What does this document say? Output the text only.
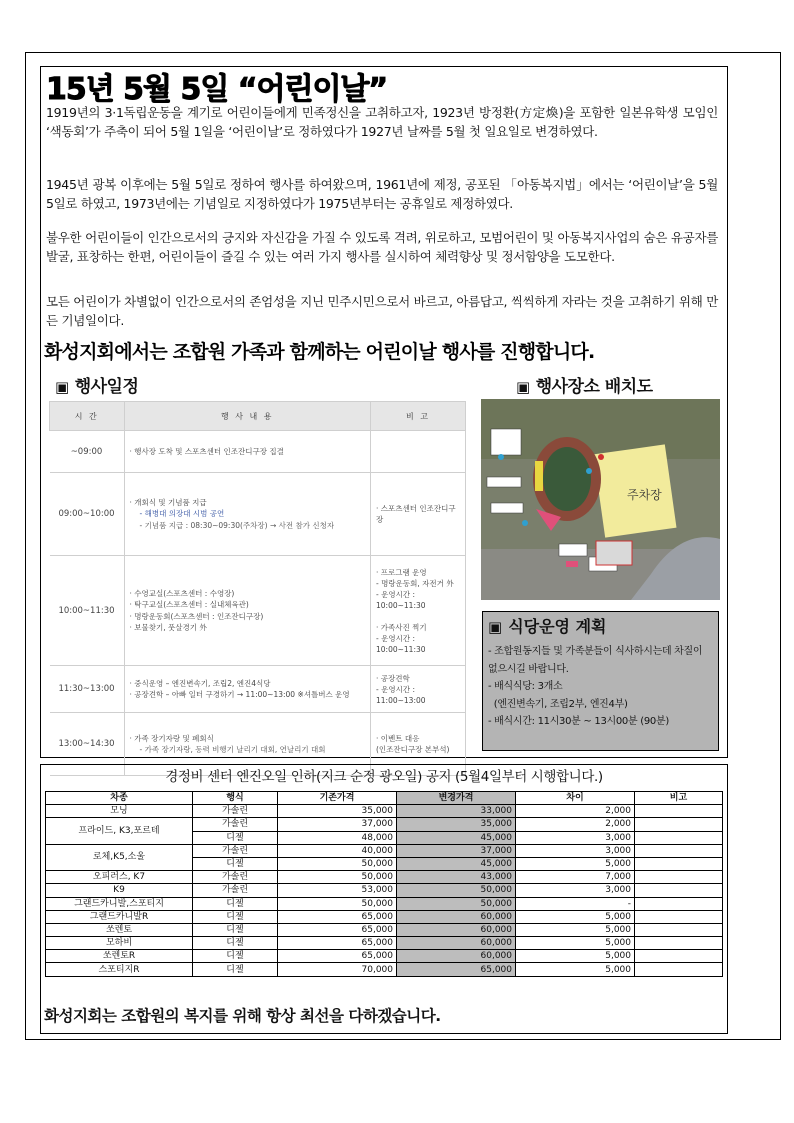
15년 5월 5일 “어린이날”
1919년의 3·1독립운동을 계기로 어린이들에게 민족정신을 고취하고자, 1923년 방정환(方定煥)을 포함한 일본유학생 모임인 ‘색동회’가 주축이 되어 5월 1일을 ‘어린이날’로 정하였다가 1927년 날짜를 5월 첫 일요일로 변경하였다.
1945년 광복 이후에는 5월 5일로 정하여 행사를 하여왔으며, 1961년에 제정, 공포된 「아동복지법」에서는 ‘어린이날’을 5월 5일로 하였고, 1973년에는 기념일로 지정하였다가 1975년부터는 공휴일로 제정하였다.
불우한 어린이들이 인간으로서의 긍지와 자신감을 가질 수 있도록 격려, 위로하고, 모범어린이 및 아동복지사업의 숨은 유공자를 발굴, 표창하는 한편, 어린이들이 즐길 수 있는 여러 가지 행사를 실시하여 체력향상 및 정서함양을 도모한다.
모든 어린이가 차별없이 인간으로서의 존엄성을 지닌 민주시민으로서 바르고, 아름답고, 씩씩하게 자라는 것을 고취하기 위해 만든 기념일이다.
화성지회에서는 조합원 가족과 함께하는 어린이날 행사를 진행합니다.
▣ 행사일정	▣ 행사장소 배치도
시 간	행 사 내 용	비 고
~09:00	· 행사장 도착 및 스포츠센터 인조잔디구장 집결	

09:00~10:00	· 개회식 및 기념품 지급
- 해병대 의장대 시범 공연
- 기념품 지급 : 08:30~09:30(주차장) → 사전 참가 신청자	· 스포츠센터 인조잔디구장

10:00~11:30	· 수영교실(스포츠센터 : 수영장)
· 탁구교실(스포츠센터 : 실내체육관)
· 명랑운동회(스포츠센터 : 인조잔디구장)
· 보물찾기, 풋살경기 外	· 프로그램 운영
- 명랑운동회, 자전거 外
- 운영시간 : 10:00~11:30
· 가족사진 찍기
- 운영시간 : 10:00~11:30

11:30~13:00	· 중식운영 – 엔진변속기, 조립2, 엔진4식당
· 공장견학 – 아빠 일터 구경하기 → 11:00~13:00 ※셔틀버스 운영	· 공장견학
- 운영시간 : 11:00~13:00

13:00~14:30	· 가족 장기자랑 및 폐회식
- 가족 장기자랑, 동력 비행기 날리기 대회, 연날리기 대회	· 이벤트 대응
(인조잔디구장 본부석)
주차장
▣ 식당운영 계획
- 조합원동지들 및 가족분들이 식사하시는데 차질이 없으시길 바랍니다.
- 배식식당: 3개소
(엔진변속기, 조립2부, 엔진4부)
- 배식시간: 11시30분 ~ 13시00분 (90분)
경정비 센터 엔진오일 인하(지크 순정 광오일) 공지 (5월4일부터 시행합니다.)
차종	행식	기존가격	변경가격	차이	비고
모닝	가솔린	35,000	33,000	2,000	
프라이드, K3,포르테	가솔린	37,000	35,000	2,000	
	디젤	48,000	45,000	3,000	
로체,K5,소울	가솔린	40,000	37,000	3,000	
	디젤	50,000	45,000	5,000	
오피러스, K7	가솔린	50,000	43,000	7,000	
K9	가솔린	53,000	50,000	3,000	
그랜드카니발,스포티지	디젤	50,000	50,000	-	
그랜드카니발R	디젤	65,000	60,000	5,000	
쏘렌토	디젤	65,000	60,000	5,000	
모하비	디젤	65,000	60,000	5,000	
쏘렌토R	디젤	65,000	60,000	5,000	
스포티지R	디젤	70,000	65,000	5,000	
화성지회는 조합원의 복지를 위해 항상 최선을 다하겠습니다.
